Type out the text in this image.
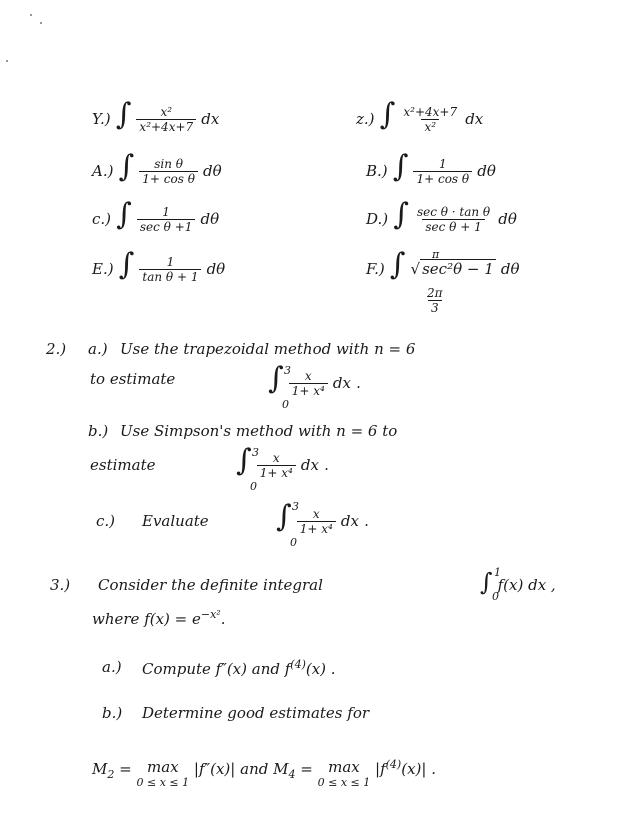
Y.) ∫ $\frac{\text{x²}}{\text{x²+4x+7}}$ dx	z.) ∫ $\frac{\text{x²+4x+7}}{\text{x²}}$ dx
A.) ∫ $\frac{\text{sin θ}}{\text{1+ cos θ}}$ dθ	B.) ∫ $\frac{1}{\text{1+ cos θ}}$ dθ
c.) ∫ $\frac{1}{\text{sec θ +1}}$ dθ	D.) ∫ $\frac{\text{sec θ · tan θ}}{\text{sec θ + 1}}$ dθ
E.) ∫ $\frac{1}{\text{tan θ + 1}}$ dθ	F.) ∫ √ sec²θ − 1 dθ
π
$\frac{2\pi}{3}$
2.) a.) Use the trapezoidal method with n = 6
to estimate	∫ $\frac{x}{\text{1+ x⁴}}$ dx .
3
0
b.) Use Simpson's method with n = 6 to
estimate	∫ $\frac{x}{\text{1+ x⁴}}$ dx .
3
0
c.) Evaluate ∫ $\frac{x}{\text{1+ x⁴}}$ dx .
3
0
3.) Consider the definite integral	∫ f(x) dx ,
1
0
where $f(x) = e^{-x^2}$.
a.) Compute f″(x) and $f^{(4)}(x)$ .
b.) Determine good estimates for
$M_2 = \max$
0 ≤ x ≤ 1
|f″(x)| and $M_4 = \max$
0 ≤ x ≤ 1
$|f^{(4)}(x)|$ .
